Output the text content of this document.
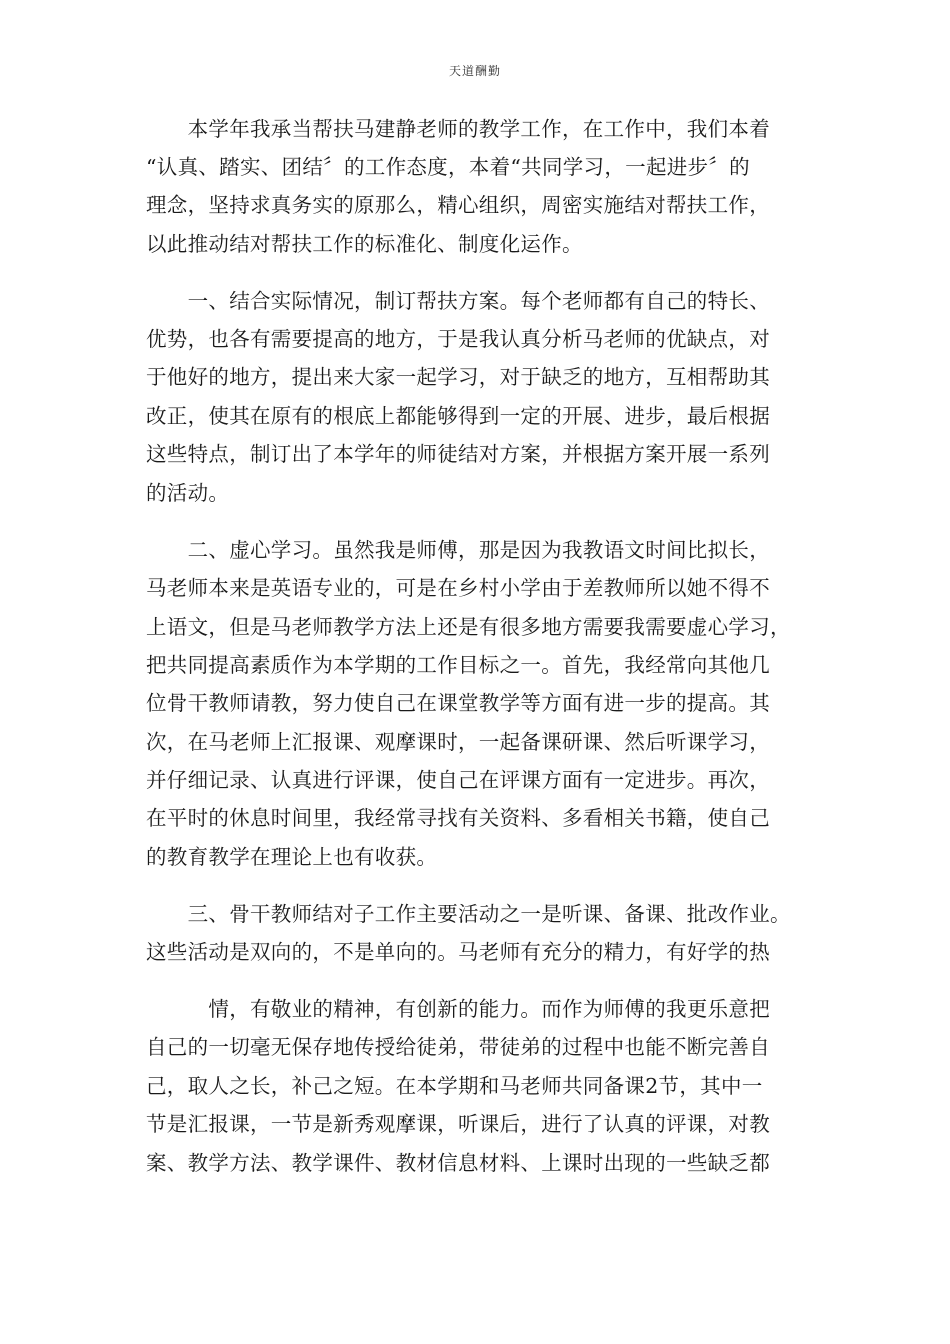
天道酬勤
　　本学年我承当帮扶马建静老师的教学工作，在工作中，我们本着
“认真、踏实、团结〞的工作态度，本着“共同学习，一起进步〞的
理念，坚持求真务实的原那么，精心组织，周密实施结对帮扶工作，
以此推动结对帮扶工作的标准化、制度化运作。
　　一、结合实际情况，制订帮扶方案。每个老师都有自己的特长、
优势，也各有需要提高的地方，于是我认真分析马老师的优缺点，对
于他好的地方，提出来大家一起学习，对于缺乏的地方，互相帮助其
改正，使其在原有的根底上都能够得到一定的开展、进步，最后根据
这些特点，制订出了本学年的师徒结对方案，并根据方案开展一系列
的活动。
　　二、虚心学习。虽然我是师傅，那是因为我教语文时间比拟长，
马老师本来是英语专业的，可是在乡村小学由于差教师所以她不得不
上语文，但是马老师教学方法上还是有很多地方需要我需要虚心学习，
把共同提高素质作为本学期的工作目标之一。首先，我经常向其他几
位骨干教师请教，努力使自己在课堂教学等方面有进一步的提高。其
次，在马老师上汇报课、观摩课时，一起备课研课、然后听课学习，
并仔细记录、认真进行评课，使自己在评课方面有一定进步。再次，
在平时的休息时间里，我经常寻找有关资料、多看相关书籍，使自己
的教育教学在理论上也有收获。
　　三、骨干教师结对子工作主要活动之一是听课、备课、批改作业。
这些活动是双向的，不是单向的。马老师有充分的精力，有好学的热
　　　情，有敬业的精神，有创新的能力。而作为师傅的我更乐意把
自己的一切毫无保存地传授给徒弟，带徒弟的过程中也能不断完善自
己，取人之长，补己之短。在本学期和马老师共同备课2节，其中一
节是汇报课，一节是新秀观摩课，听课后，进行了认真的评课，对教
案、教学方法、教学课件、教材信息材料、上课时出现的一些缺乏都
